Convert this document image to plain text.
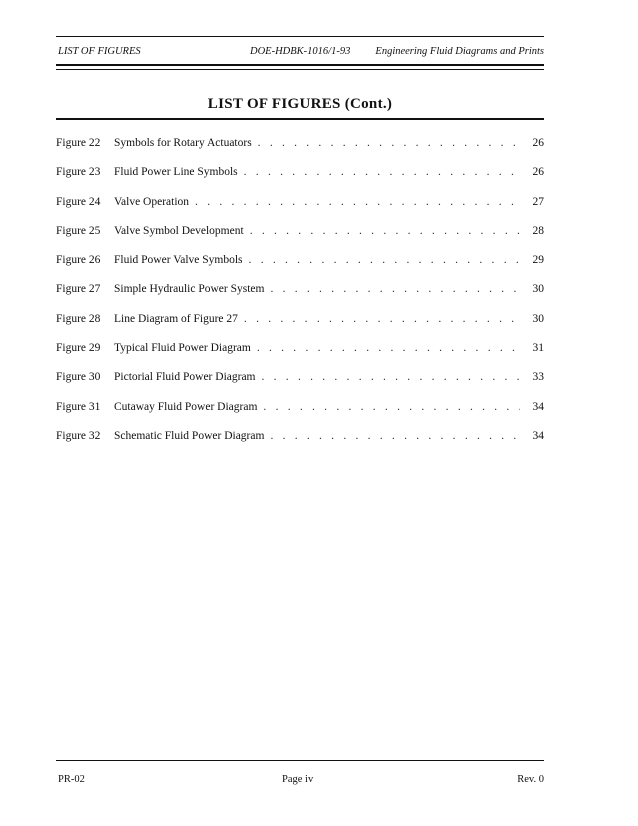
LIST OF FIGURES	DOE-HDBK-1016/1-93 Engineering Fluid Diagrams and Prints
LIST OF FIGURES (Cont.)
Figure 22	Symbols for Rotary Actuators . . .	26
Figure 23	Fluid Power Line Symbols . . .	26
Figure 24	Valve Operation . . .	27
Figure 25	Valve Symbol Development . . .	28
Figure 26	Fluid Power Valve Symbols . . .	29
Figure 27	Simple Hydraulic Power System . . .	30
Figure 28	Line Diagram of Figure 27 . . .	30
Figure 29	Typical Fluid Power Diagram . . .	31
Figure 30	Pictorial Fluid Power Diagram . . .	33
Figure 31	Cutaway Fluid Power Diagram . . .	34
Figure 32	Schematic Fluid Power Diagram . . .	34
PR-02	Page iv	Rev. 0
